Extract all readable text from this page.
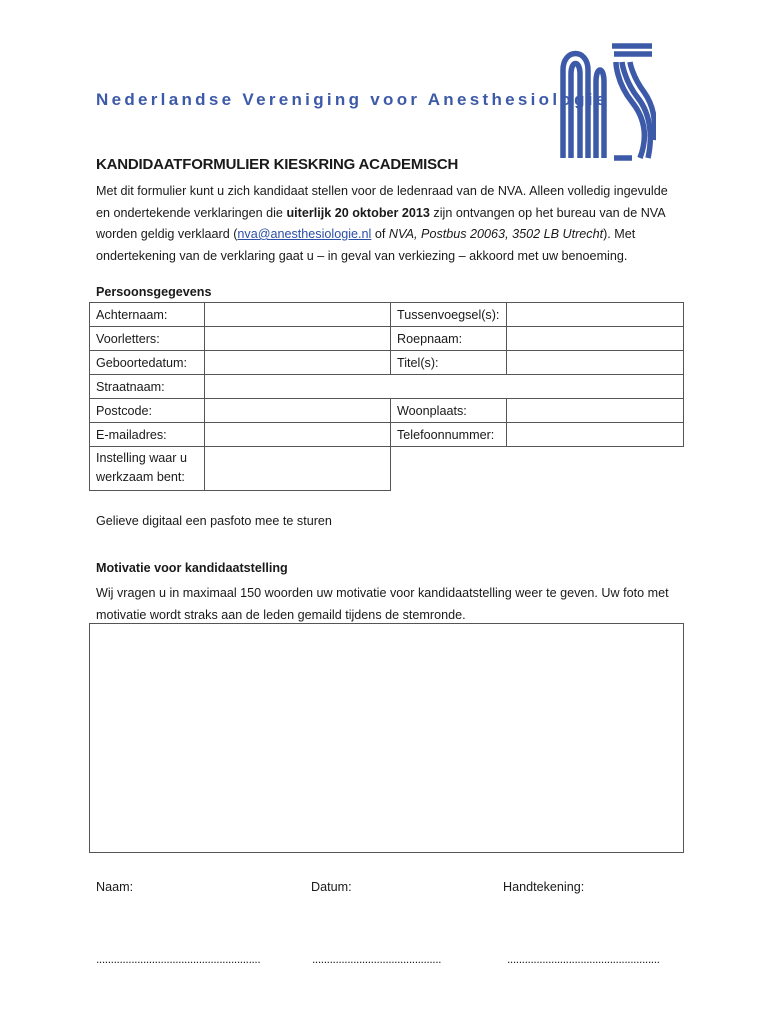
Nederlandse Vereniging voor Anesthesiologie
KANDIDAATFORMULIER KIESKRING ACADEMISCH
Met dit formulier kunt u zich kandidaat stellen voor de ledenraad van de NVA. Alleen volledig ingevulde en ondertekende verklaringen die uiterlijk 20 oktober 2013 zijn ontvangen op het bureau van de NVA worden geldig verklaard (nva@anesthesiologie.nl of NVA, Postbus 20063, 3502 LB Utrecht). Met ondertekening van de verklaring gaat u – in geval van verkiezing – akkoord met uw benoeming.
Persoonsgegevens
Achternaam:		Tussenvoegsel(s):	
Voorletters:		Roepnaam:	
Geboortedatum:		Titel(s):	
Straatnaam:			
Postcode:		Woonplaats:	
E-mailadres:		Telefoonnummer:	
Instelling waar u werkzaam bent:			
Gelieve digitaal een pasfoto mee te sturen
Motivatie voor kandidaatstelling
Wij vragen u in maximaal 150 woorden uw motivatie voor kandidaatstelling weer te geven. Uw foto met motivatie wordt straks aan de leden gemaild tijdens de stemronde.
Naam:	Datum:	Handtekening:
........................................................	............................................	....................................................
